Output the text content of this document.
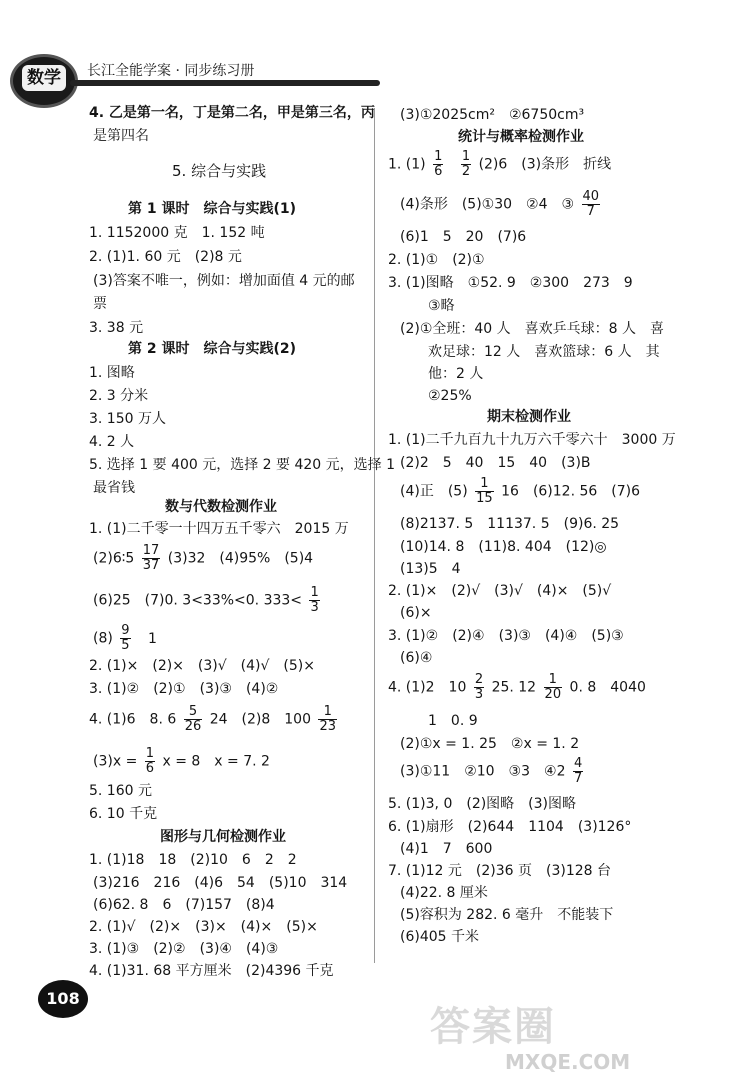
数学	长江全能学案 · 同步练习册
4. 乙是第一名，丁是第二名，甲是第三名，丙
是第四名
5. 综合与实践
第 1 课时　综合与实践(1)
1. 1152000 克　1. 152 吨
2. (1)1. 60 元　(2)8 元
(3)答案不唯一，例如：增加面值 4 元的邮
票
3. 38 元
第 2 课时　综合与实践(2)
1. 图略
2. 3 分米
3. 150 万人
4. 2 人
5. 选择 1 要 400 元，选择 2 要 420 元，选择 1
最省钱
数与代数检测作业
1. (1)二千零一十四万五千零六　2015 万
(2)6∶5 $\frac{17}{37} (3)32$　(4)95%　(5)4
(6)25　(7)0. 3<33%<0. $333< \frac{1}{3}$
$(8) \frac{9}{5} 1$
2. (1)×　(2)×　(3)√　(4)√　(5)×
3. (1)②　(2)①　(3)③　(4)②
4. (1)6　8. $6 \frac{5}{26} 24$　(2)8　$100 \frac{1}{23}$
$(3)x = \frac{1}{6}$ x = 8　x = 7. 2
5. 160 元
6. 10 千克
图形与几何检测作业
1. (1)18　18　(2)10　6　2　2
(3)216　216　(4)6　54　(5)10　314
(6)62. 8　6　(7)157　(8)4
2. (1)√　(2)×　(3)×　(4)×　(5)×
3. (1)③　(2)②　(3)④　(4)③
4. (1)31. 68 平方厘米　(2)4396 千克
(3)①2025cm²　②6750cm³
统计与概率检测作业
1. $(1) \frac{1}{6}$
$\frac{1}{2} (2)6$　(3)条形　折线
(4)条形　(5)①30　②4　③ $\frac{40}{7}$
(6)1　5　20　(7)6
2. (1)①　(2)①
3. (1)图略　①52. 9　②300　273　9
③略
(2)①全班：40 人　喜欢乒乓球：8 人　喜
欢足球：12 人　喜欢篮球：6 人　其
他：2 人
②25%
期末检测作业
1. (1)二千九百九十九万六千零六十　3000 万
(2)2　5　40　15　40　(3)B
(4)正　$(5) \frac{1}{15} 16$　(6)12. 56　(7)6
(8)2137. 5　11137. 5　(9)6. 25
(10)14. 8　(11)8. 404　(12)◎
(13)5　4
2. (1)×　(2)√　(3)√　(4)×　(5)√
(6)×
3. (1)②　(2)④　(3)③　(4)④　(5)③
(6)④
4. (1)2　$10 \frac{2}{3} 25$. $12 \frac{1}{20} 0$. 8　4040
1　0. 9
(2)①x = 1. 25　②x = 1. 2
(3)①11　②10　③3　④2 $\frac{4}{7}$
5. (1)3, 0　(2)图略　(3)图略
6. (1)扇形　(2)644　1104　(3)126°
(4)1　7　600
7. (1)12 元　(2)36 页　(3)128 台
(4)22. 8 厘米
(5)容积为 282. 6 毫升　不能装下
(6)405 千米
108
答案圈
MXQE.COM
